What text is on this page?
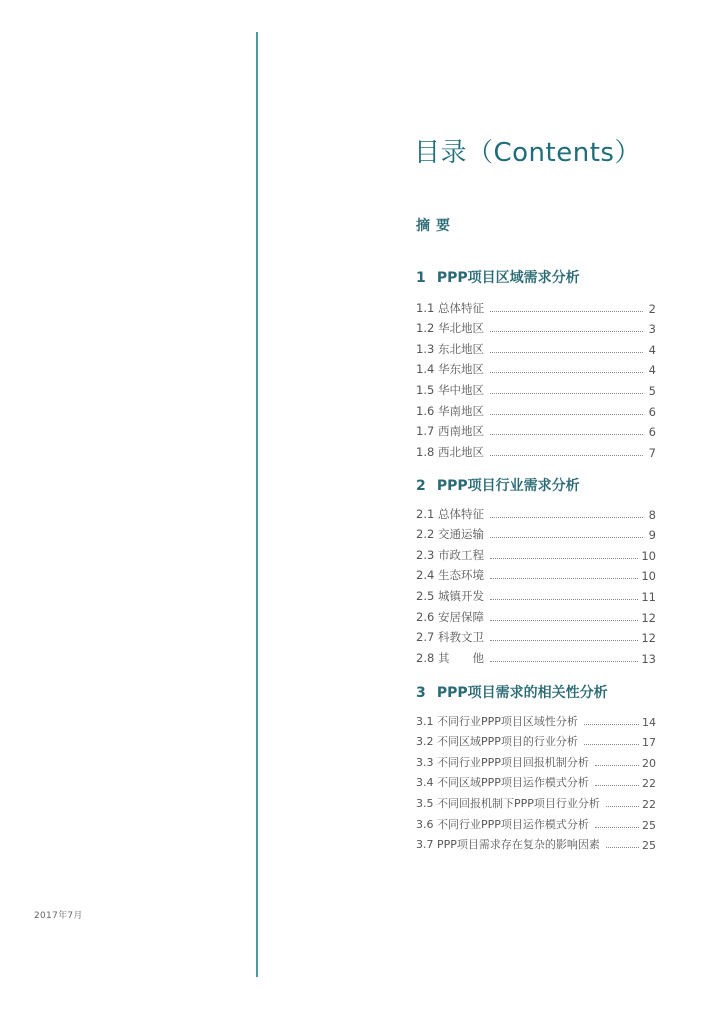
2017年7月
目录（Contents）
摘要
1 PPP项目区域需求分析
1.1 总体特征	2
1.2 华北地区	3
1.3 东北地区	4
1.4 华东地区	4
1.5 华中地区	5
1.6 华南地区	6
1.7 西南地区	6
1.8 西北地区	7
2 PPP项目行业需求分析
2.1 总体特征	8
2.2 交通运输	9
2.3 市政工程	10
2.4 生态环境	10
2.5 城镇开发	11
2.6 安居保障	12
2.7 科教文卫	12
2.8 其　　他	13
3 PPP项目需求的相关性分析
3.1 不同行业PPP项目区域性分析	14
3.2 不同区域PPP项目的行业分析	17
3.3 不同行业PPP项目回报机制分析	20
3.4 不同区域PPP项目运作模式分析	22
3.5 不同回报机制下PPP项目行业分析	22
3.6 不同行业PPP项目运作模式分析	25
3.7 PPP项目需求存在复杂的影响因素	25
